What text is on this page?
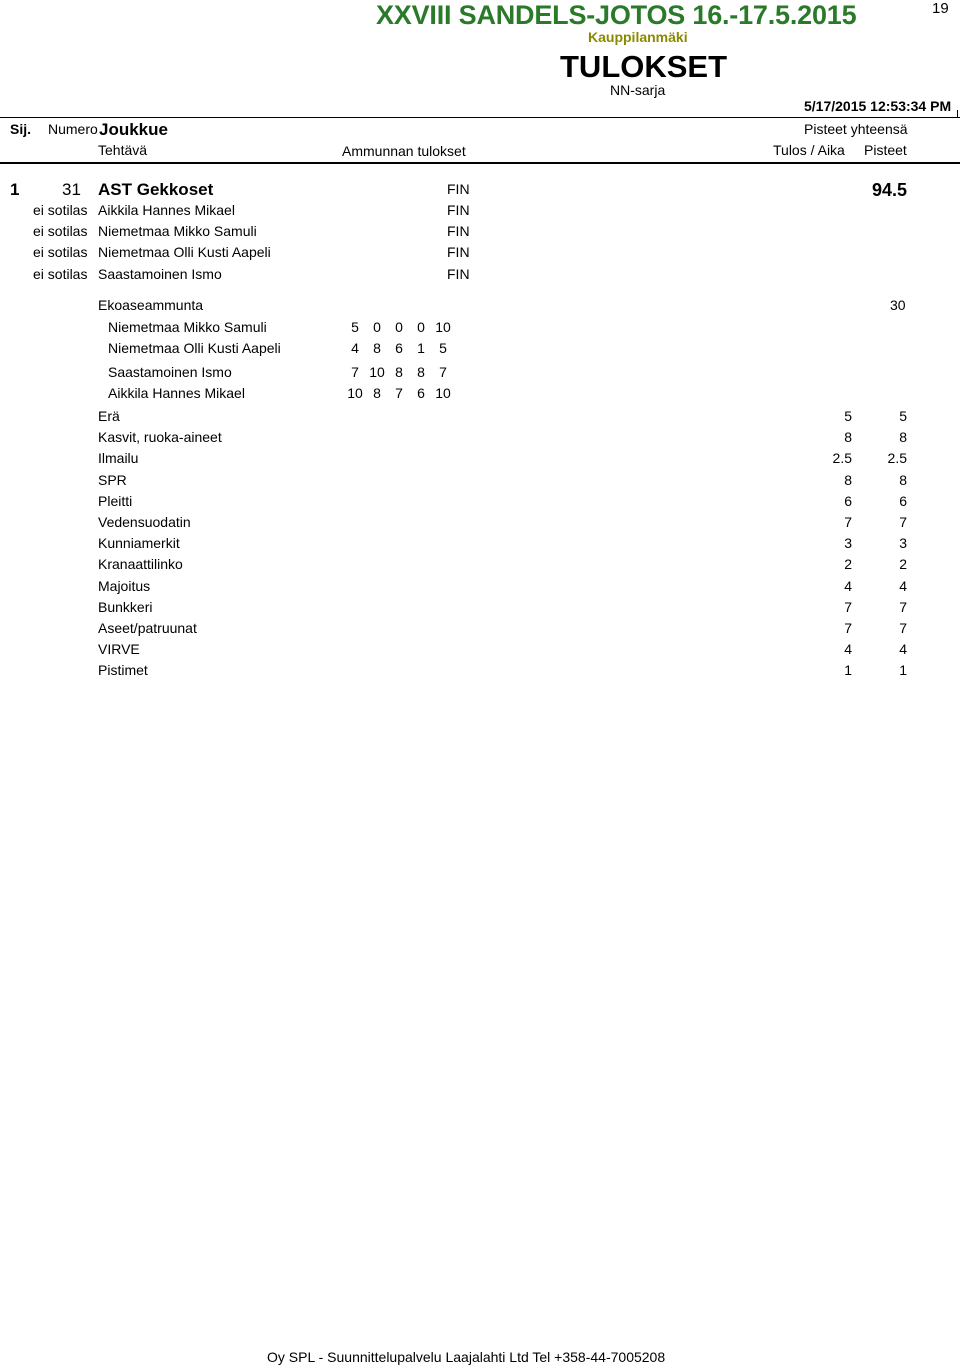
XXVIII SANDELS-JOTOS 16.-17.5.2015
Kauppilanmäki
19
TULOKSET
NN-sarja
5/17/2015 12:53:34 PM
Sij. Numero Joukkue	Pisteet yhteensä
Tehtävä	Ammunnan tulokset	Tulos / Aika Pisteet
1	31 AST Gekkoset	FIN	94.5
ei sotilas Aikkila Hannes Mikael	FIN
ei sotilas Niemetmaa Mikko Samuli	FIN
ei sotilas Niemetmaa Olli Kusti Aapeli	FIN
ei sotilas Saastamoinen Ismo	FIN
Ekoaseammunta	30
Niemetmaa Mikko Samuli	5 0 0 0 10
Niemetmaa Olli Kusti Aapeli	4 8 6 1 5
Saastamoinen Ismo	7 10 8 8 7
Aikkila Hannes Mikael	10 8 7 6 10
Erä	5	5
Kasvit, ruoka-aineet	8	8
Ilmailu	2.5	2.5
SPR	8	8
Pleitti	6	6
Vedensuodatin	7	7
Kunniamerkit	3	3
Kranaattilinko	2	2
Majoitus	4	4
Bunkkeri	7	7
Aseet/patruunat	7	7
VIRVE	4	4
Pistimet	1	1
Oy SPL - Suunnittelupalvelu Laajalahti Ltd Tel +358-44-7005208
